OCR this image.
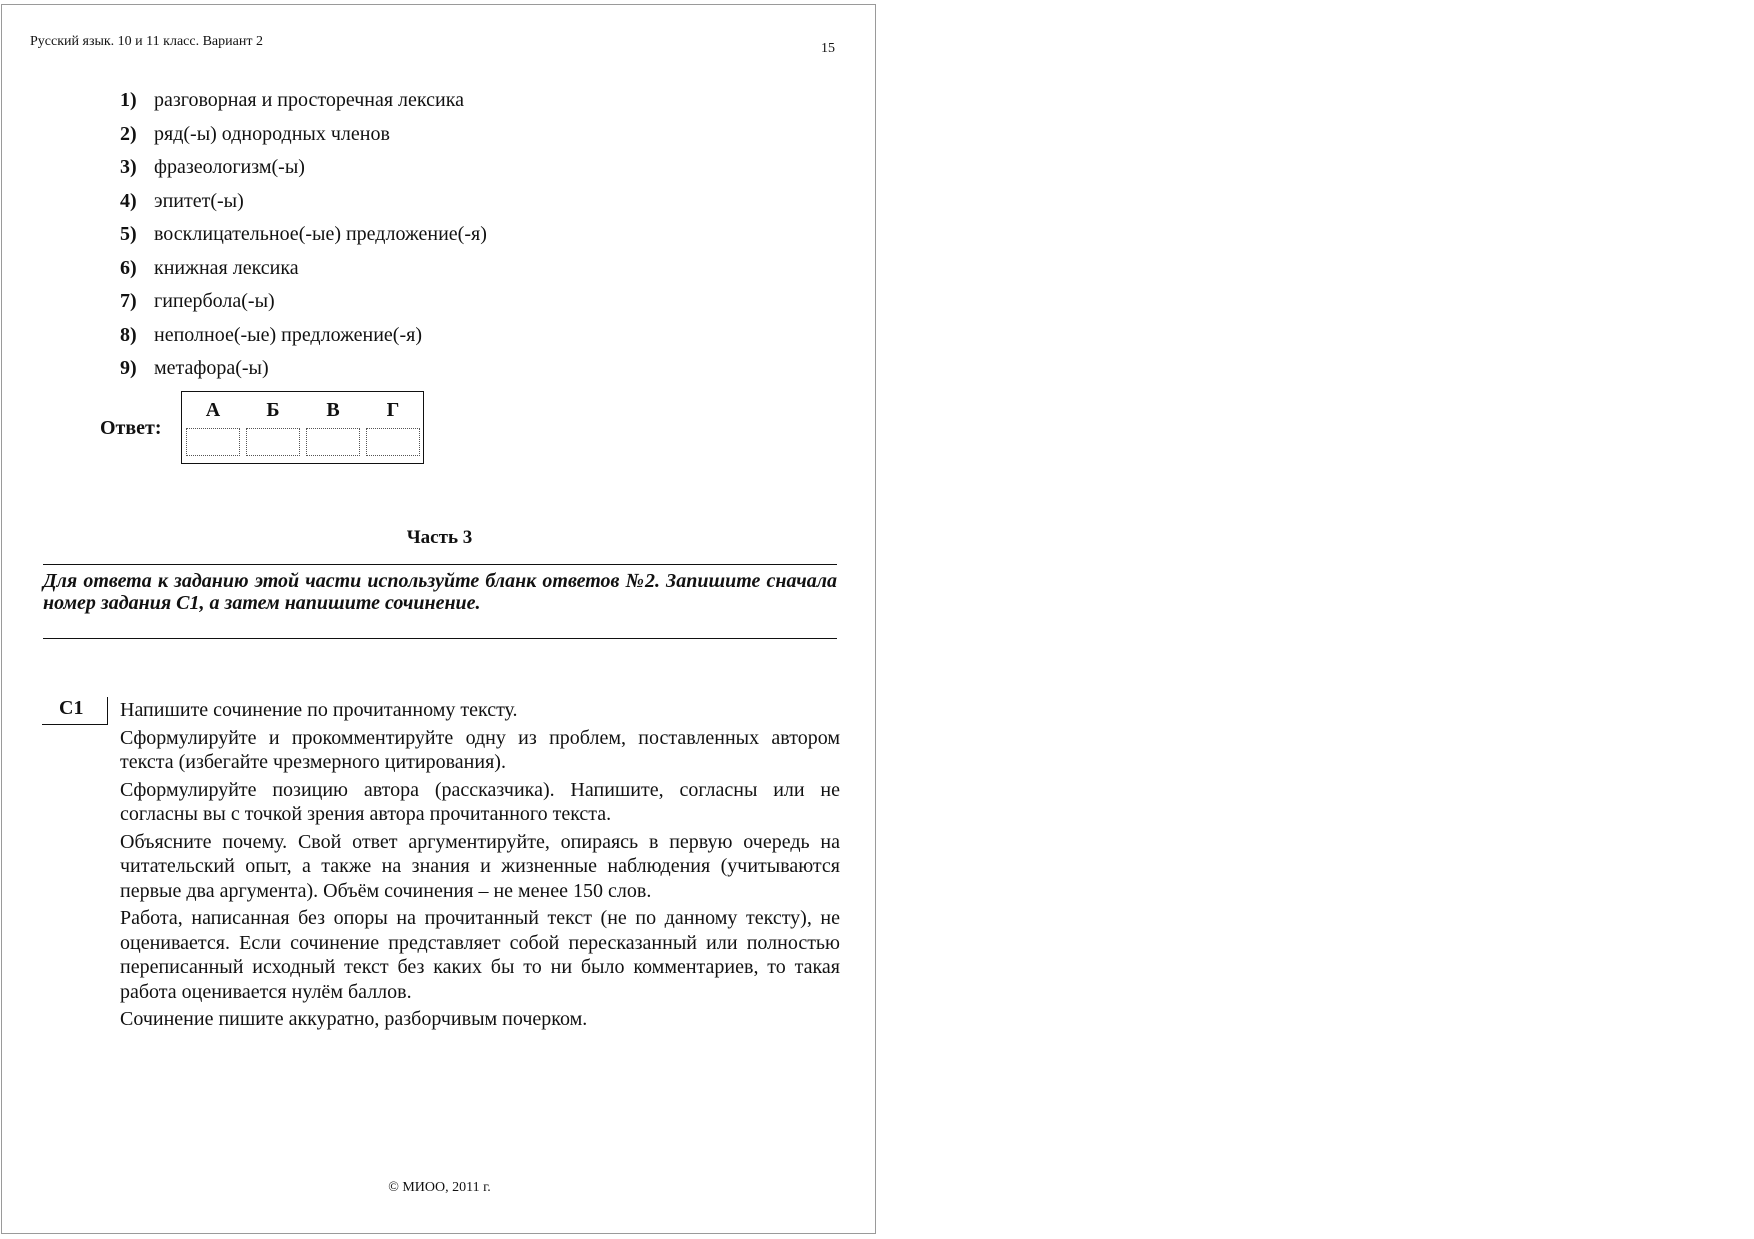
Русский язык. 10 и 11 класс. Вариант 2	15
1) разговорная и просторечная лексика
2) ряд(-ы) однородных членов
3) фразеологизм(-ы)
4) эпитет(-ы)
5) восклицательное(-ые) предложение(-я)
6) книжная лексика
7) гипербола(-ы)
8) неполное(-ые) предложение(-я)
9) метафора(-ы)
Ответ:
А	Б	В	Г
Часть 3
Для ответа к заданию этой части используйте бланк ответов №2. Запишите сначала номер задания С1, а затем напишите сочинение.
С1	Напишите сочинение по прочитанному тексту.

Сформулируйте и прокомментируйте одну из проблем, поставленных автором текста (избегайте чрезмерного цитирования).

Сформулируйте позицию автора (рассказчика). Напишите, согласны или не согласны вы с точкой зрения автора прочитанного текста.

Объясните почему. Свой ответ аргументируйте, опираясь в первую очередь на читательский опыт, а также на знания и жизненные наблюдения (учитываются первые два аргумента). Объём сочинения – не менее 150 слов.

Работа, написанная без опоры на прочитанный текст (не по данному тексту), не оценивается. Если сочинение представляет собой пересказанный или полностью переписанный исходный текст без каких бы то ни было комментариев, то такая работа оценивается нулём баллов.

Сочинение пишите аккуратно, разборчивым почерком.

© МИОО, 2011 г.
